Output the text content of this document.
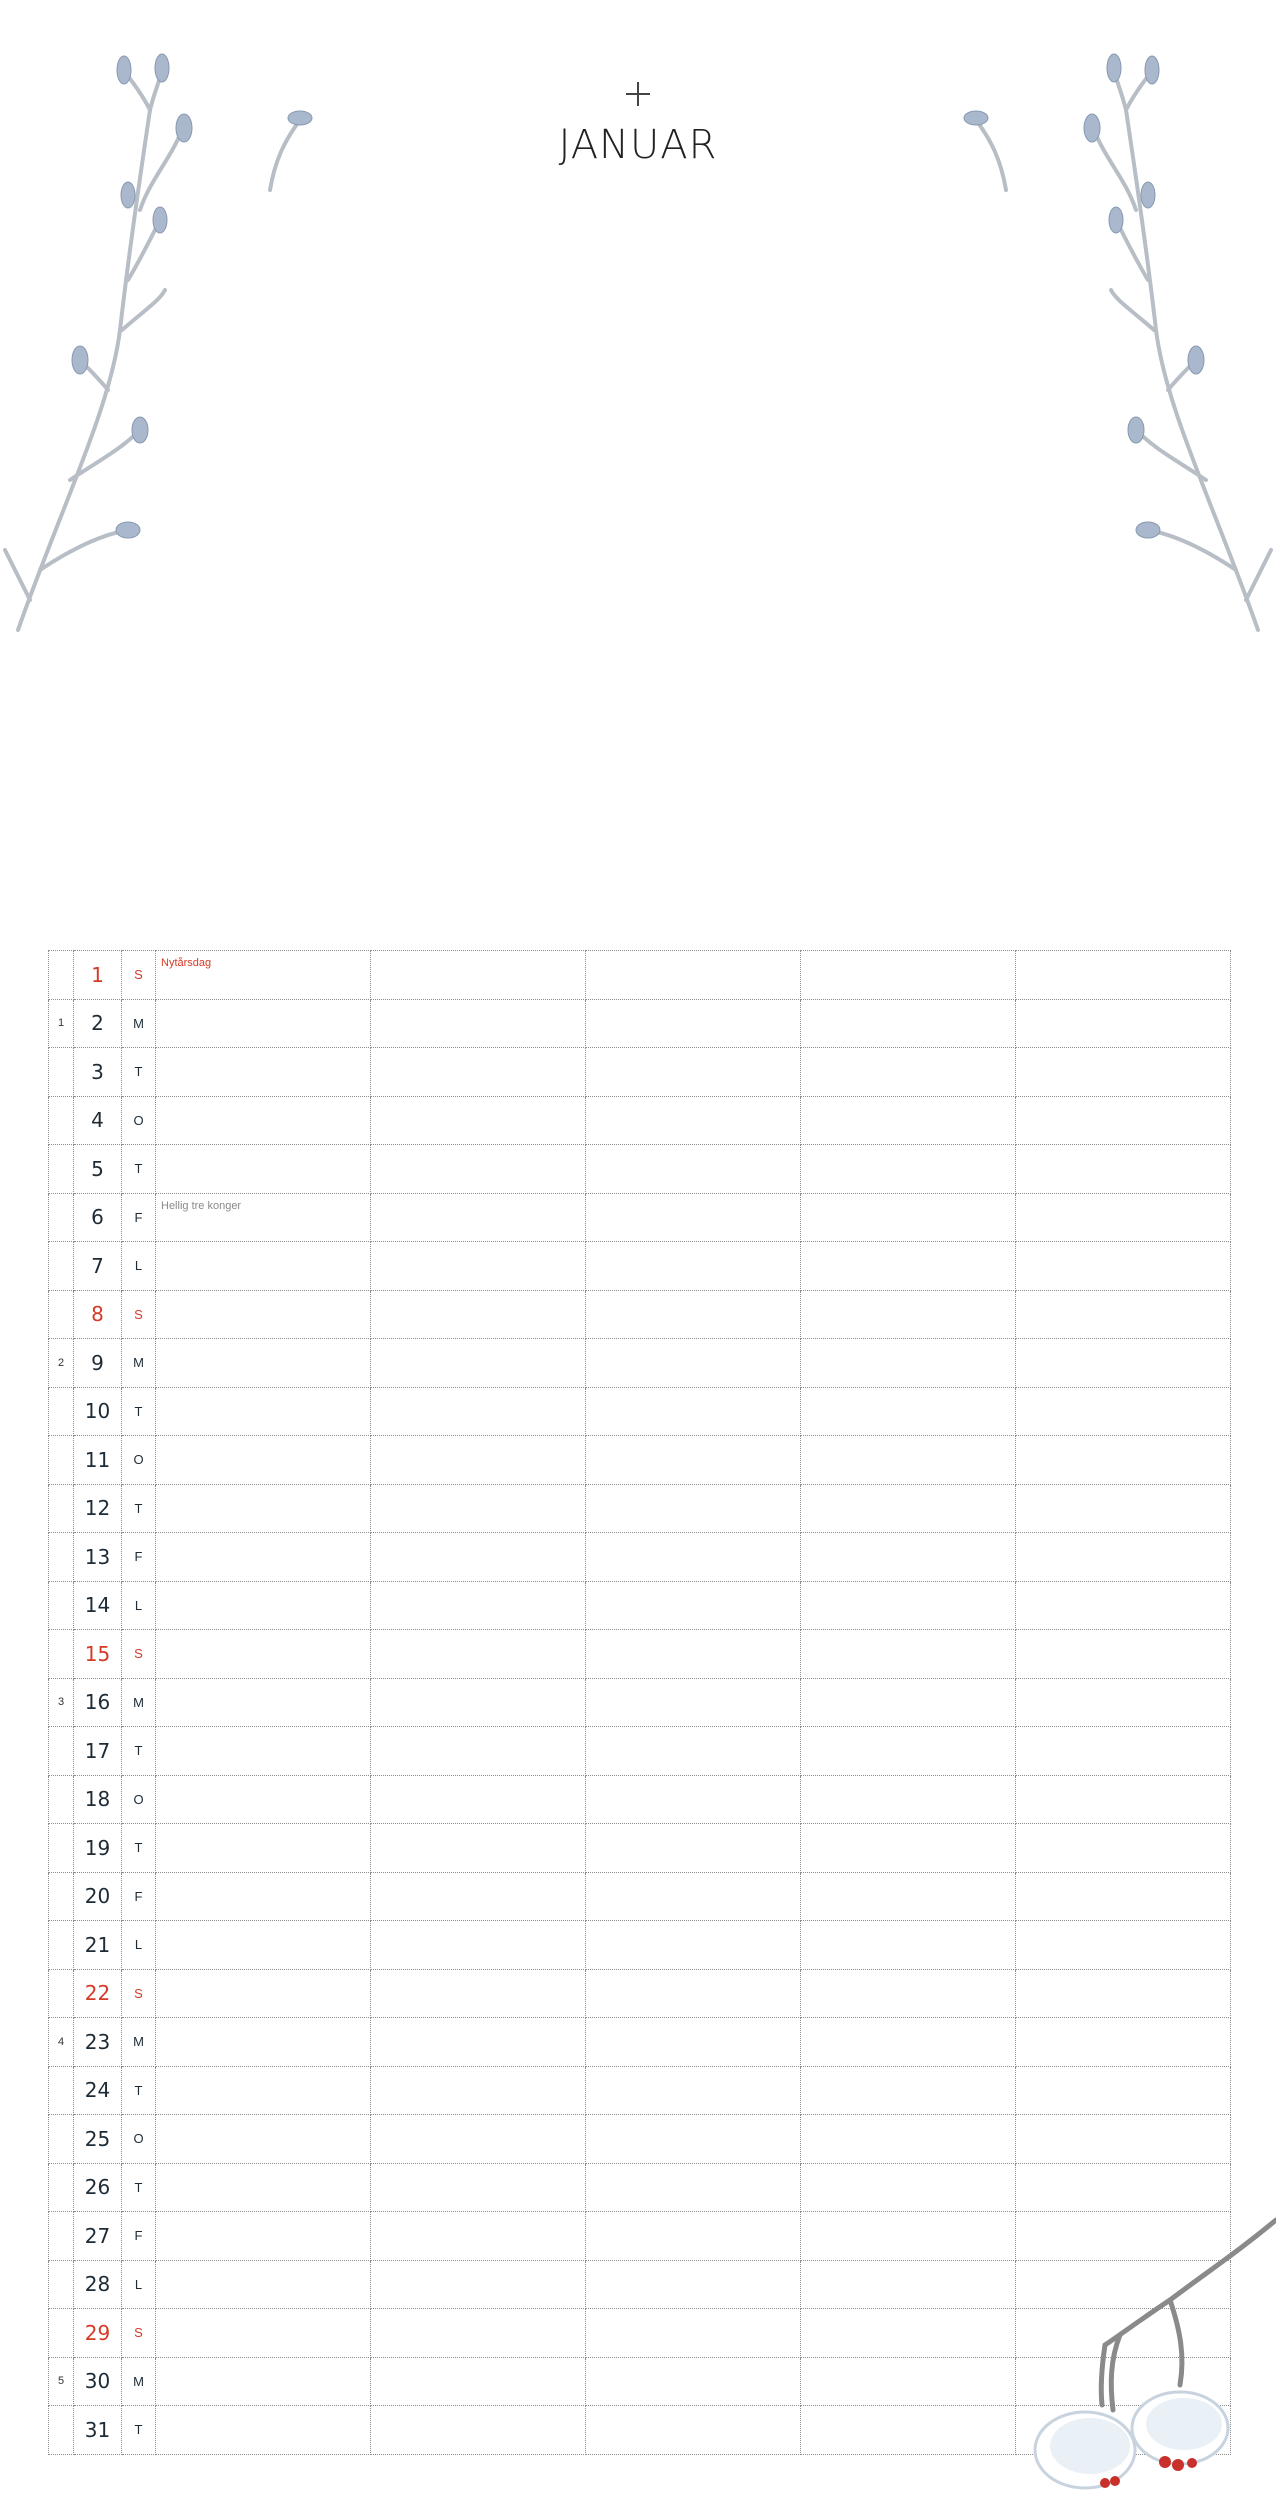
JANUAR
	1	S	Nytårsdag				

1	2	M					
	3	T					
	4	O					
	5	T					
	6	F	Hellig tre konger				

	7	L					
	8	S					
2	9	M					
	10	T					
	11	O					
	12	T					
	13	F					
	14	L					
	15	S					
3	16	M					
	17	T					
	18	O					
	19	T					
	20	F					
	21	L					
	22	S					
4	23	M					
	24	T					
	25	O					
	26	T					
	27	F					
	28	L					
	29	S					
5	30	M					
	31	T					
